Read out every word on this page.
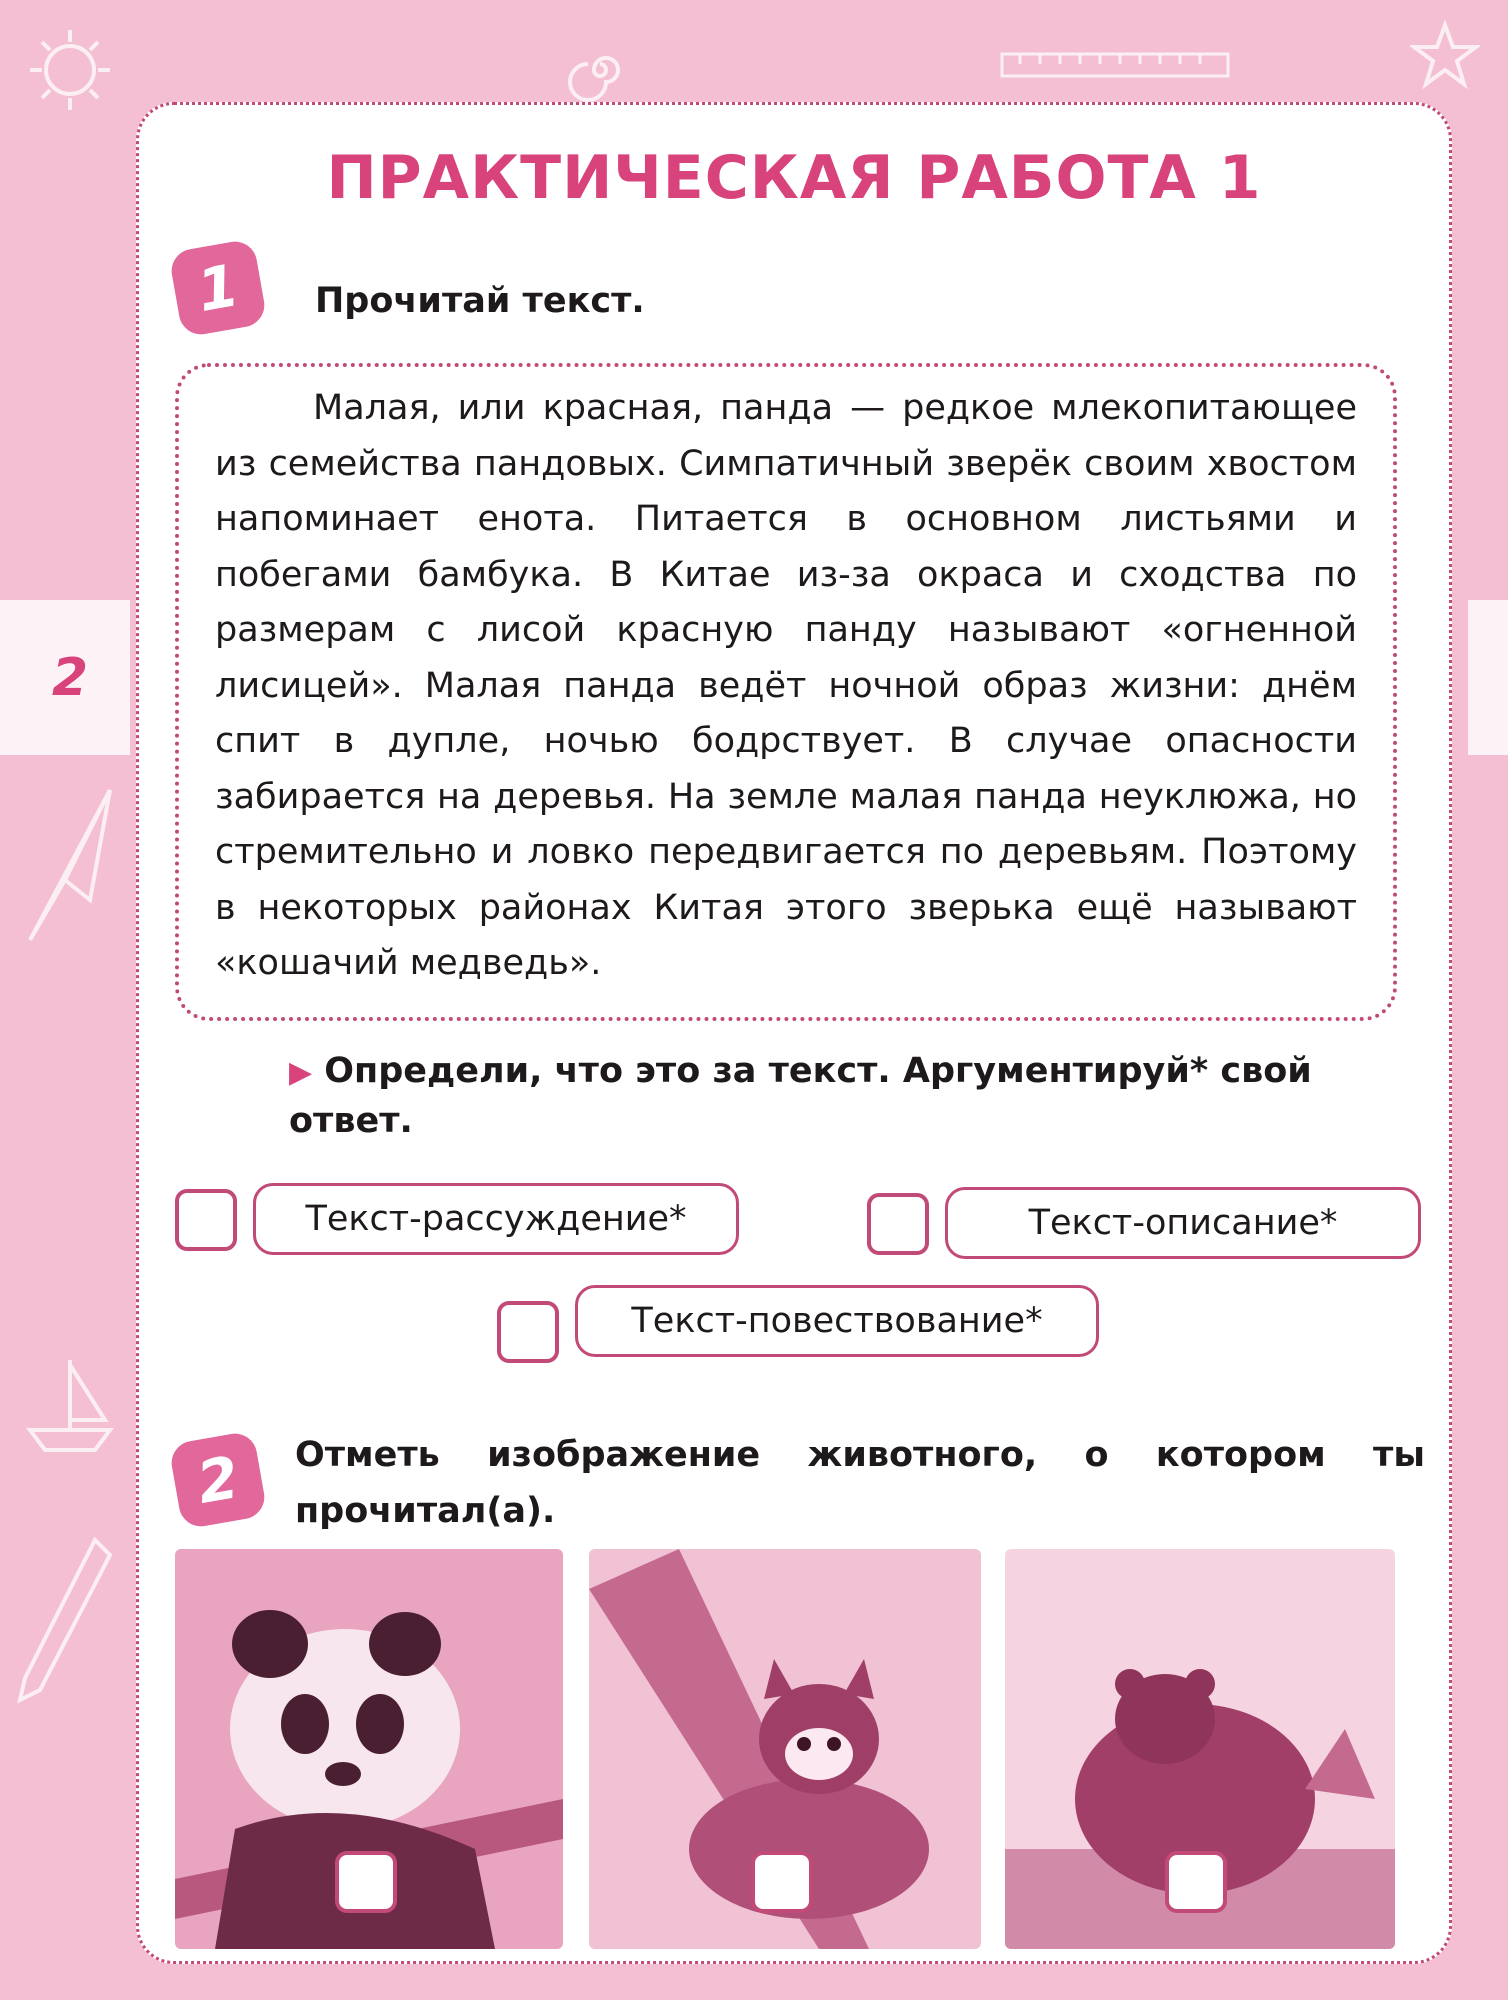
2
ПРАКТИЧЕСКАЯ РАБОТА 1
1	Прочитай текст.

Малая, или красная, панда — редкое млекопитающее из семейства пандовых. Симпатичный зверёк своим хвостом напоминает енота. Питается в основном листьями и побегами бамбука. В Китае из-за окраса и сходства по размерам с лисой красную панду называют «огненной лисицей». Малая панда ведёт ночной образ жизни: днём спит в дупле, ночью бодрствует. В случае опасности забирается на деревья. На земле малая панда неуклюжа, но стремительно и ловко передвигается по деревьям. Поэтому в некоторых районах Китая этого зверька ещё называют «кошачий медведь».

▶ Определи, что это за текст. Аргументируй* свой ответ.
Текст-рассуждение*	Текст-описание*
Текст-повествование*
2	Отметь изображение животного, о котором ты прочитал(а).
